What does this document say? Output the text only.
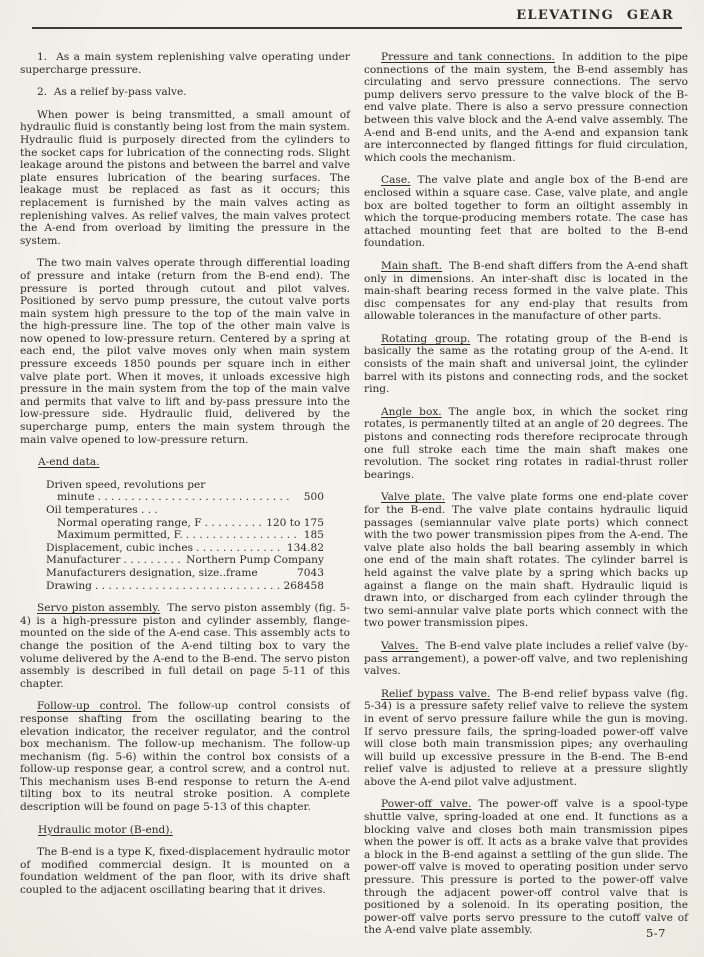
ELEVATING GEAR

1.  As a main system replenishing valve operating under supercharge pressure.

2.  As a relief by-pass valve.

When power is being transmitted, a small amount of hydraulic fluid is constantly being lost from the main system. Hydraulic fluid is purposely directed from the cylinders to the socket caps for lubrication of the connecting rods. Slight leakage around the pistons and between the barrel and valve plate ensures lubrication of the bearing surfaces. The leakage must be replaced as fast as it occurs; this replacement is furnished by the main valves acting as replenishing valves. As relief valves, the main valves protect the A-end from overload by limiting the pressure in the system.

The two main valves operate through differential loading of pressure and intake (return from the B-end end). The pressure is ported through cutout and pilot valves. Positioned by servo pump pressure, the cutout valve ports main system high pressure to the top of the main valve in the high-pressure line. The top of the other main valve is now opened to low-pressure return. Centered by a spring at each end, the pilot valve moves only when main system pressure exceeds 1850 pounds per square inch in either valve plate port. When it moves, it unloads excessive high pressure in the main system from the top of the main valve and permits that valve to lift and by-pass pressure into the low-pressure side. Hydraulic fluid, delivered by the supercharge pump, enters the main system through the main valve opened to low-pressure return.

A-end data.

Driven speed, revolutions per
minute . . .	500
Oil temperatures . . .
Normal operating range, F . . .	120 to 175
Maximum permitted, F. . . .	185
Displacement, cubic inches . . .	134.82
Manufacturer . . .	Northern Pump Company
Manufacturers designation, size..frame	7043
Drawing . . .	268458

Servo piston assembly. The servo piston assembly (fig. 5-4) is a high-pressure piston and cylinder assembly, flange-mounted on the side of the A-end case. This assembly acts to change the position of the A-end tilting box to vary the volume delivered by the A-end to the B-end. The servo piston assembly is described in full detail on page 5-11 of this chapter.

Follow-up control. The follow-up control consists of response shafting from the oscillating bearing to the elevation indicator, the receiver regulator, and the control box mechanism. The follow-up mechanism. The follow-up mechanism (fig. 5-6) within the control box consists of a follow-up response gear, a control screw, and a control nut. This mechanism uses B-end response to return the A-end tilting box to its neutral stroke position. A complete description will be found on page 5-13 of this chapter.

Hydraulic motor (B-end).

The B-end is a type K, fixed-displacement hydraulic motor of modified commercial design. It is mounted on a foundation weldment of the pan floor, with its drive shaft coupled to the adjacent oscillating bearing that it drives.

Pressure and tank connections. In addition to the pipe connections of the main system, the B-end assembly has circulating and servo pressure connections. The servo pump delivers servo pressure to the valve block of the B-end valve plate. There is also a servo pressure connection between this valve block and the A-end valve assembly. The A-end and B-end units, and the A-end and expansion tank are interconnected by flanged fittings for fluid circulation, which cools the mechanism.

Case. The valve plate and angle box of the B-end are enclosed within a square case. Case, valve plate, and angle box are bolted together to form an oiltight assembly in which the torque-producing members rotate. The case has attached mounting feet that are bolted to the B-end foundation.

Main shaft. The B-end shaft differs from the A-end shaft only in dimensions. An inter-shaft disc is located in the main-shaft bearing recess formed in the valve plate. This disc compensates for any end-play that results from allowable tolerances in the manufacture of other parts.

Rotating group. The rotating group of the B-end is basically the same as the rotating group of the A-end. It consists of the main shaft and universal joint, the cylinder barrel with its pistons and connecting rods, and the socket ring.

Angle box. The angle box, in which the socket ring rotates, is permanently tilted at an angle of 20 degrees. The pistons and connecting rods therefore reciprocate through one full stroke each time the main shaft makes one revolution. The socket ring rotates in radial-thrust roller bearings.

Valve plate. The valve plate forms one end-plate cover for the B-end. The valve plate contains hydraulic liquid passages (semiannular valve plate ports) which connect with the two power transmission pipes from the A-end. The valve plate also holds the ball bearing assembly in which one end of the main shaft rotates. The cylinder barrel is held against the valve plate by a spring which backs up against a flange on the main shaft. Hydraulic liquid is drawn into, or discharged from each cylinder through the two semi-annular valve plate ports which connect with the two power transmission pipes.

Valves. The B-end valve plate includes a relief valve (by-pass arrangement), a power-off valve, and two replenishing valves.

Relief bypass valve. The B-end relief bypass valve (fig. 5-34) is a pressure safety relief valve to relieve the system in event of servo pressure failure while the gun is moving. If servo pressure fails, the spring-loaded power-off valve will close both main transmission pipes; any overhauling will build up excessive pressure in the B-end. The B-end relief valve is adjusted to relieve at a pressure slightly above the A-end pilot valve adjustment.

Power-off valve. The power-off valve is a spool-type shuttle valve, spring-loaded at one end. It functions as a blocking valve and closes both main transmission pipes when the power is off. It acts as a brake valve that provides a block in the B-end against a settling of the gun slide. The power-off valve is moved to operating position under servo pressure. This pressure is ported to the power-off valve through the adjacent power-off control valve that is positioned by a solenoid. In its operating position, the power-off valve ports servo pressure to the cutoff valve of the A-end valve plate assembly.	5-7
